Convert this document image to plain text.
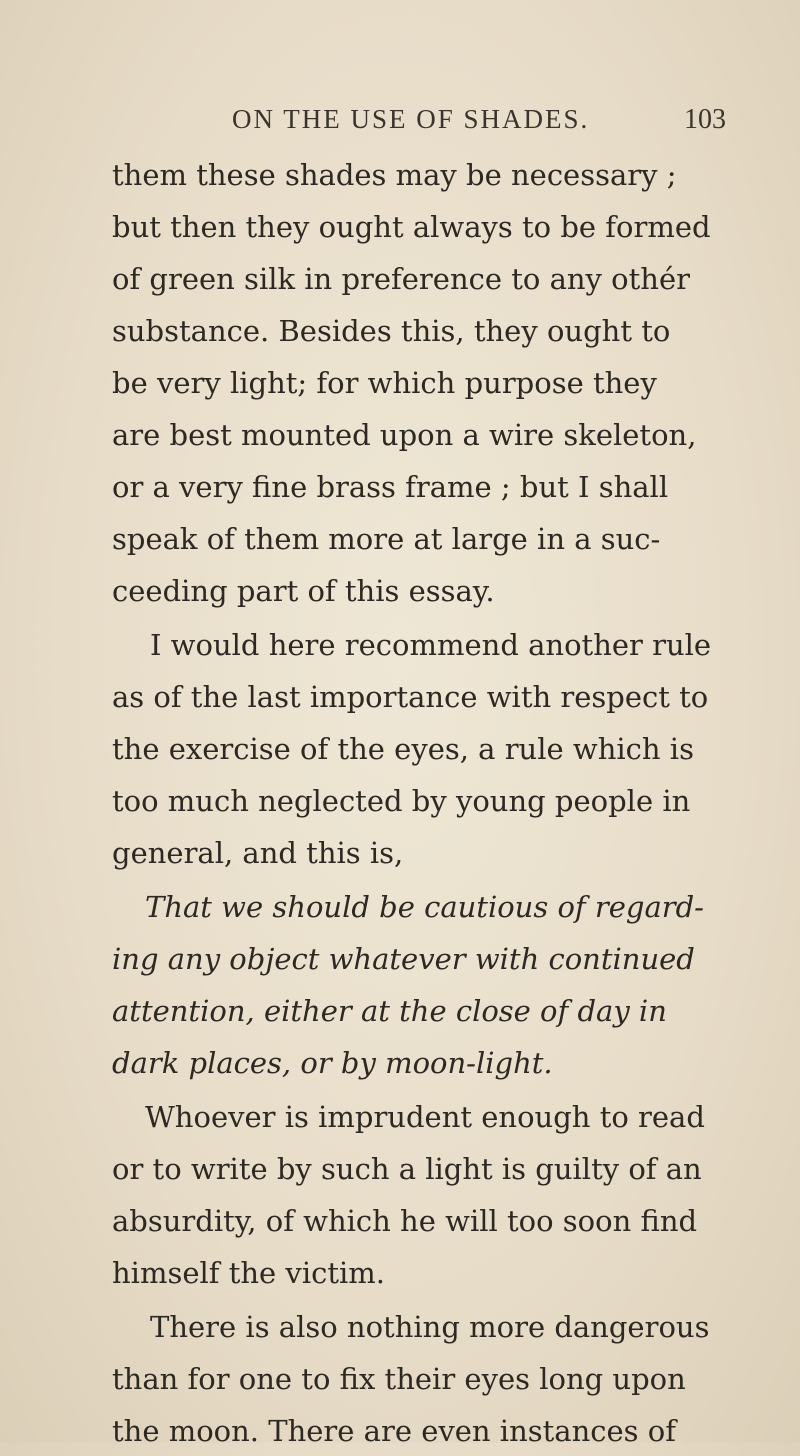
ON THE USE OF SHADES.	103
them these shades may be necessary ;
but then they ought always to be formed
of green silk in preference to any othér
substance. Besides this, they ought to
be very light; for which purpose they
are best mounted upon a wire skeleton,
or a very fine brass frame ; but I shall
speak of them more at large in a suc-
ceeding part of this essay.
I would here recommend another rule
as of the last importance with respect to
the exercise of the eyes, a rule which is
too much neglected by young people in
general, and this is,
That we should be cautious of regard-
ing any object whatever with continued
attention, either at the close of day in
dark places, or by moon-light.
Whoever is imprudent enough to read
or to write by such a light is guilty of an
absurdity, of which he will too soon find
himself the victim.
There is also nothing more dangerous
than for one to fix their eyes long upon
the moon. There are even instances of
